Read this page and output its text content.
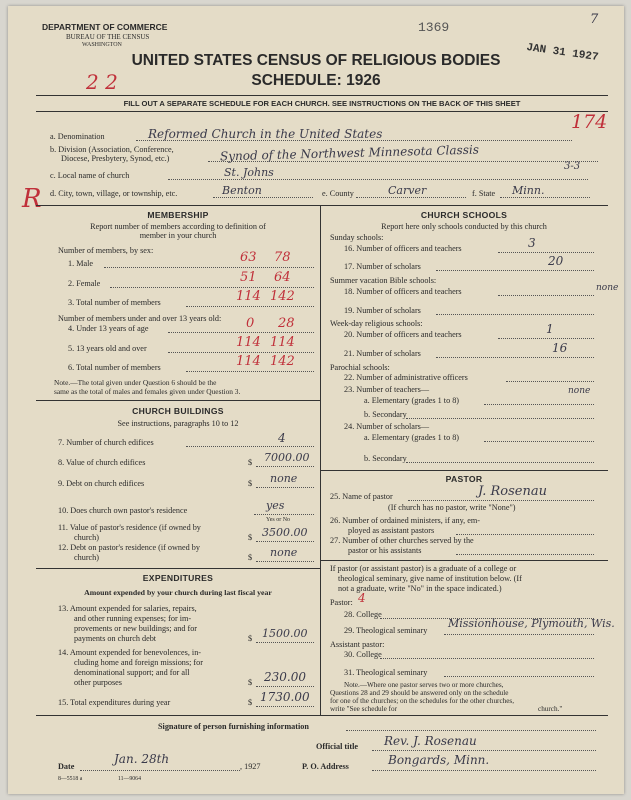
DEPARTMENT OF COMMERCE
BUREAU OF THE CENSUS
WASHINGTON
1369
JAN 31 1927
7
UNITED STATES CENSUS OF RELIGIOUS BODIES
SCHEDULE: 1926
2 2
FILL OUT A SEPARATE SCHEDULE FOR EACH CHURCH. SEE INSTRUCTIONS ON THE BACK OF THIS SHEET
174
a. Denomination	Reformed Church in the United States
b. Division (Association, Conference,
Diocese, Presbytery, Synod, etc.)	Synod of the Northwest Minnesota Classis
c. Local name of church	St. Johns	3-3
R d. City, town, village, or township, etc.	Benton	e. County	Carver	f. State Minn.
MEMBERSHIP
Report number of members according to definition of
member in your church
Number of members, by sex:
1. Male	63 78
2. Female	51 64
3. Total number of members	114 142
Number of members under and over 13 years old:
4. Under 13 years of age	0 28
5. 13 years old and over	114 114
6. Total number of members	114 142
Note.—The total given under Question 6 should be the
same as the total of males and females given under Question 3.
CHURCH BUILDINGS
See instructions, paragraphs 10 to 12
7. Number of church edifices	4
8. Value of church edifices	$ 7000.00
9. Debt on church edifices	$ none
10. Does church own pastor's residence	yes
Yes or No
11. Value of pastor's residence (if owned by
church)	$ 3500.00
12. Debt on pastor's residence (if owned by
church)	$ none
EXPENDITURES
Amount expended by your church during last fiscal year
13. Amount expended for salaries, repairs,
and other running expenses; for im-
provements or new buildings; and for
payments on church debt	$ 1500.00
14. Amount expended for benevolences, in-
cluding home and foreign missions; for
denominational support; and for all
other purposes	$ 230.00
15. Total expenditures during year	$ 1730.00
CHURCH SCHOOLS
Report here only schools conducted by this church
Sunday schools:
16. Number of officers and teachers	3
17. Number of scholars	20
Summer vacation Bible schools:
18. Number of officers and teachers	none
19. Number of scholars
Week-day religious schools:
20. Number of officers and teachers	1
21. Number of scholars	16
Parochial schools:
22. Number of administrative officers
23. Number of teachers—
a. Elementary (grades 1 to 8)
none
b. Secondary
24. Number of scholars—
a. Elementary (grades 1 to 8)
b. Secondary
PASTOR
25. Name of pastor	J. Rosenau
(If church has no pastor, write "None")
26. Number of ordained ministers, if any, em-
ployed as assistant pastors
27. Number of other churches served by the
pastor or his assistants
If pastor (or assistant pastor) is a graduate of a college or
theological seminary, give name of institution below. (If
not a graduate, write "No" in the space indicated.)
Pastor: 4
28. College
29. Theological seminary
Missionhouse, Plymouth, Wis.
Assistant pastor:
30. College
31. Theological seminary
Note.—Where one pastor serves two or more churches,
Questions 28 and 29 should be answered only on the schedule
for one of the churches; on the schedules for the other churches,
write "See schedule for	church."
Signature of person furnishing information
Official title Rev. J. Rosenau
Date
Jan. 28th
, 1927	P. O. Address	Bongards, Minn.
8—5518 a	11—9064
